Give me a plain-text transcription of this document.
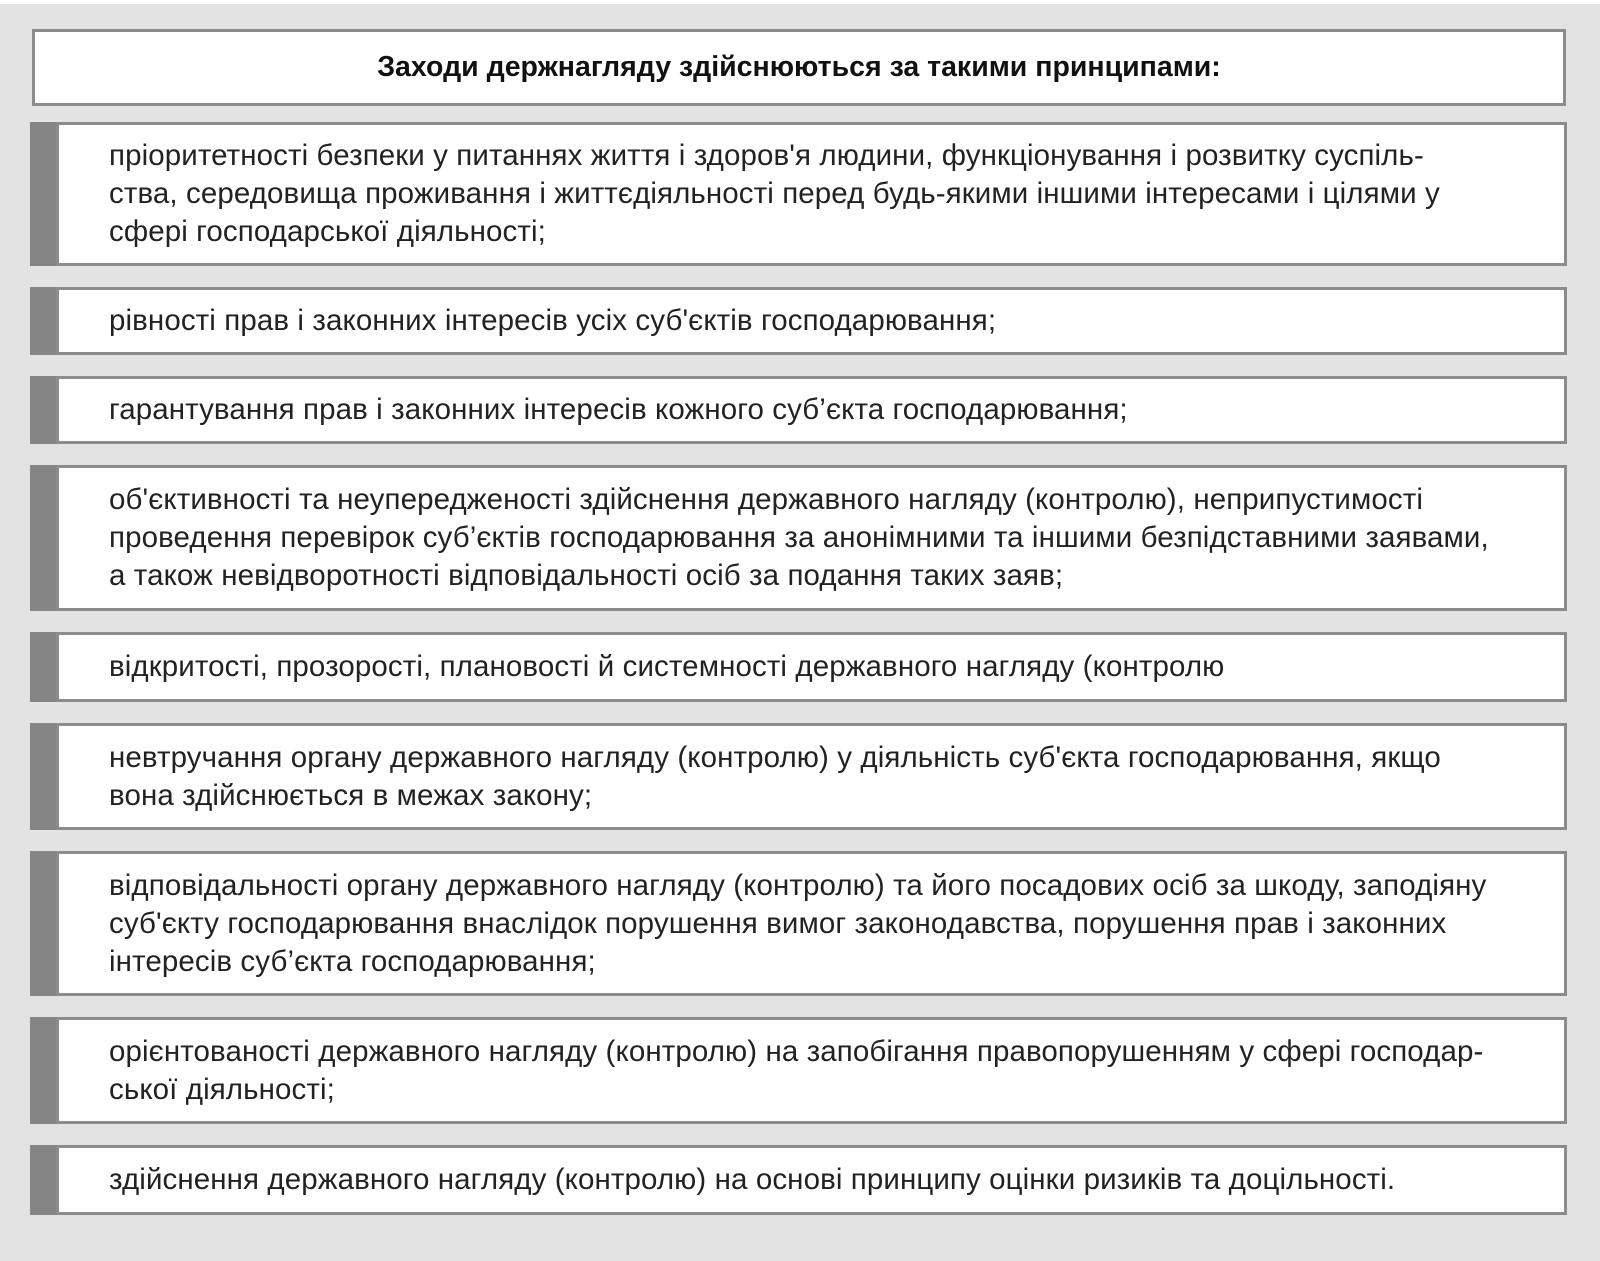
Заходи держнагляду здійснюються за такими принципами:
пріоритетності безпеки у питаннях життя і здоров'я людини, функціонування і розвитку суспіль-
ства, середовища проживання і життєдіяльності перед будь-якими іншими інтересами і цілями у
сфері господарської діяльності;
рівності прав і законних інтересів усіх суб'єктів господарювання;
гарантування прав і законних інтересів кожного суб’єкта господарювання;
об'єктивності та неупередженості здійснення державного нагляду (контролю), неприпустимості
проведення перевірок суб’єктів господарювання за анонімними та іншими безпідставними заявами,
а також невідворотності відповідальності осіб за подання таких заяв;
відкритості, прозорості, плановості й системності державного нагляду (контролю
невтручання органу державного нагляду (контролю) у діяльність суб'єкта господарювання, якщо
вона здійснюється в межах закону;
відповідальності органу державного нагляду (контролю) та його посадових осіб за шкоду, заподіяну
суб'єкту господарювання внаслідок порушення вимог законодавства, порушення прав і законних
інтересів суб’єкта господарювання;
орієнтованості державного нагляду (контролю) на запобігання правопорушенням у сфері господар-
ської діяльності;
здійснення державного нагляду (контролю) на основі принципу оцінки ризиків та доцільності.
